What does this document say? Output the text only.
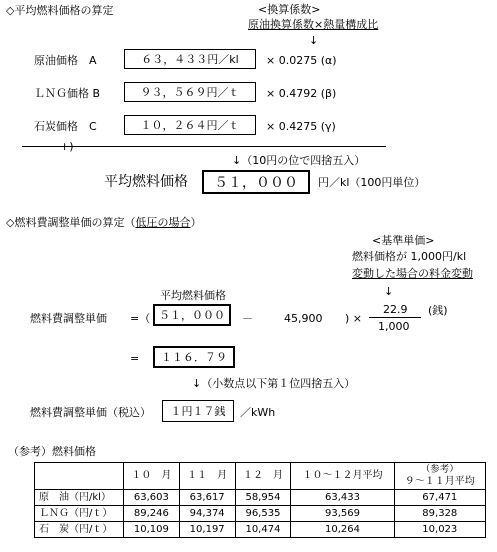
◇平均燃料価格の算定	<換算係数>
原油換算係数×熱量構成比
↓
原油価格　A	６３，４３３円／kl	× 0.0275 (α)
ＬＮＧ価格 B	９３，５６９円／ｔ	× 0.4792 (β)
石炭価格　C	１０，２６４円／ｔ	× 0.4275 (γ)
+)
↓（10円の位で四捨五入）
平均燃料価格	５１，０００	円／kl（100円単位）
◇燃料費調整単価の算定（低圧の場合）
<基準単価>
燃料価格が 1,000円/kl
変動した場合の料金変動
↓
平均燃料価格
燃料費調整単価 =（ ５１，０００	－	45,900 ) ×
22.9
1,000
(銭)
=	１１６．７９
↓（小数点以下第１位四捨五入）
燃料費調整単価（税込）	１円１７銭	／kWh
（参考）燃料価格
	１０　月	１１　月	１２　月	１０～１２月平均	（参考）
９～１１月平均

原　油（円/kl）	63,603	63,617	58,954	63,433	67,471
ＬＮＧ（円/ｔ）	89,246	94,374	96,535	93,569	89,328
石　炭（円/ｔ）	10,109	10,197	10,474	10,264	10,023
